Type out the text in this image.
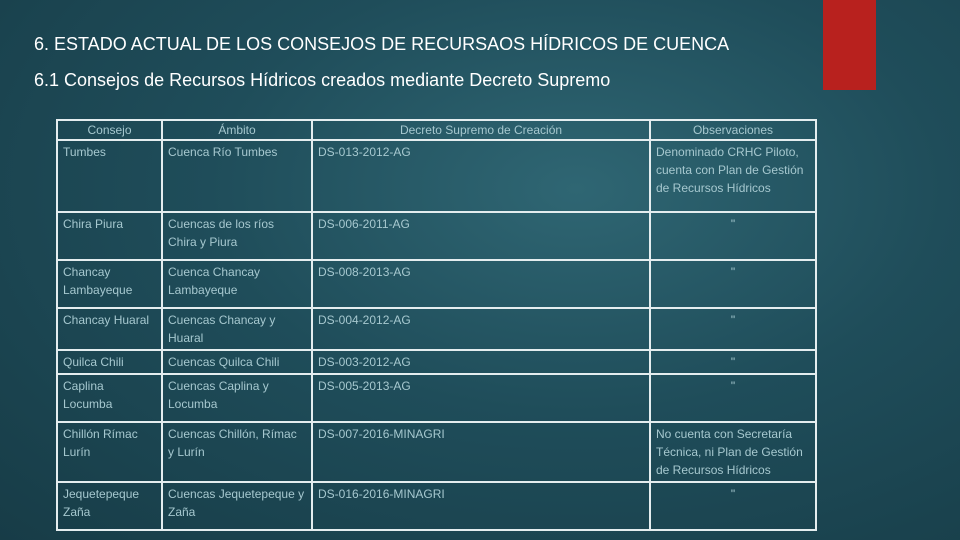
6. ESTADO ACTUAL DE LOS CONSEJOS DE RECURSAOS HÍDRICOS DE CUENCA
6.1 Consejos de Recursos Hídricos creados mediante Decreto Supremo
Consejo	Ámbito	Decreto Supremo de Creación	Observaciones
Tumbes	Cuenca Río Tumbes	DS-013-2012-AG	Denominado CRHC Piloto, cuenta con Plan de Gestión de Recursos Hídricos
Chira Piura	Cuencas de los ríos Chira y Piura	DS-006-2011-AG	"
Chancay Lambayeque	Cuenca Chancay Lambayeque	DS-008-2013-AG	"
Chancay Huaral	Cuencas Chancay y Huaral	DS-004-2012-AG	"
Quilca Chili	Cuencas Quilca Chili	DS-003-2012-AG	"
Caplina Locumba	Cuencas Caplina y Locumba	DS-005-2013-AG	"
Chillón Rímac Lurín	Cuencas Chillón, Rímac y Lurín	DS-007-2016-MINAGRI	No cuenta con Secretaría Técnica, ni Plan de Gestión de Recursos Hídricos
Jequetepeque Zaña	Cuencas Jequetepeque y Zaña	DS-016-2016-MINAGRI	"
